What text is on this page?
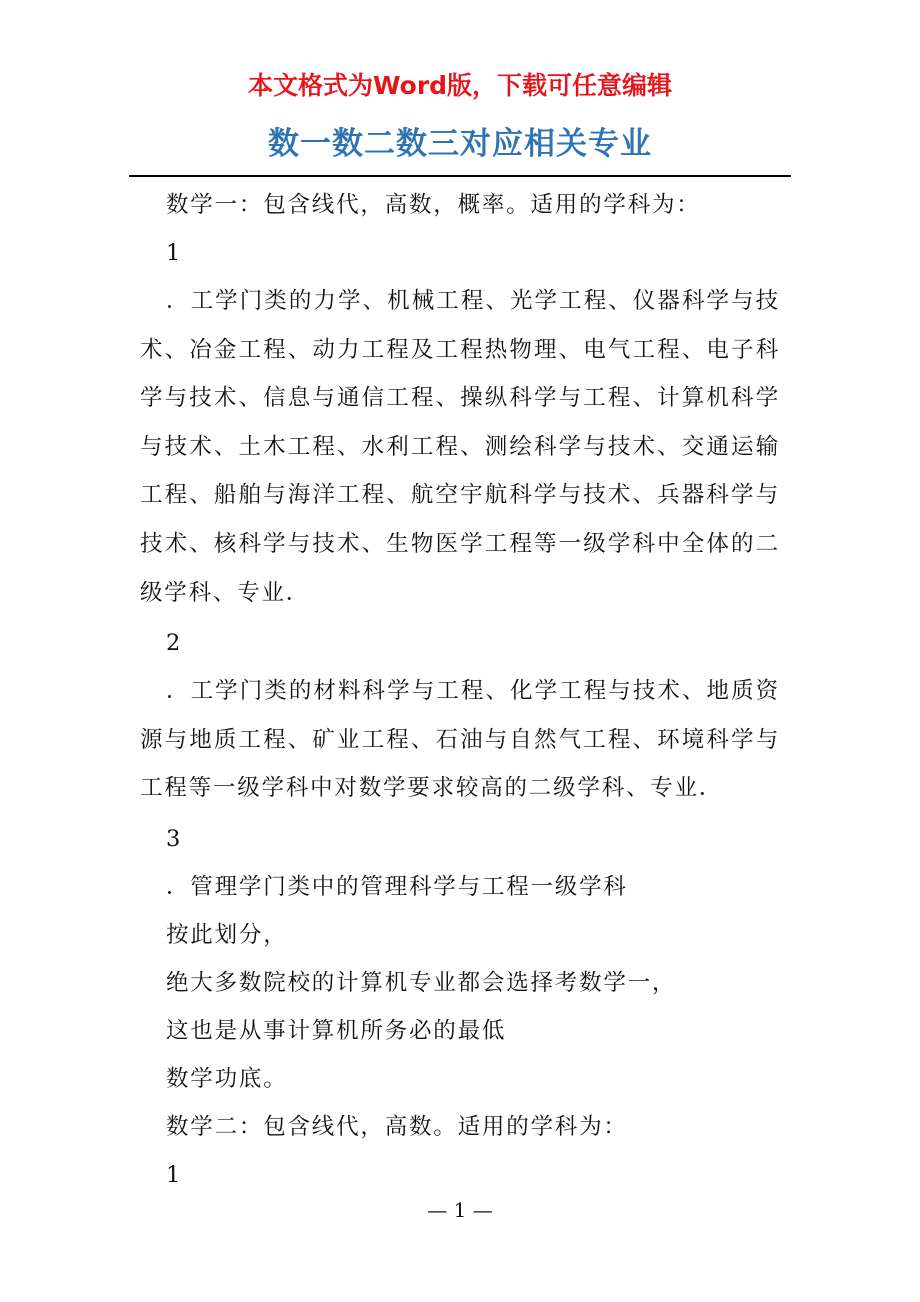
本文格式为Word版，下载可任意编辑
数一数二数三对应相关专业

数学一：包含线代，高数，概率。适用的学科为：

1

．工学门类的力学、机械工程、光学工程、仪器科学与技术、冶金工程、动力工程及工程热物理、电气工程、电子科学与技术、信息与通信工程、操纵科学与工程、计算机科学与技术、土木工程、水利工程、测绘科学与技术、交通运输工程、船舶与海洋工程、航空宇航科学与技术、兵器科学与技术、核科学与技术、生物医学工程等一级学科中全体的二级学科、专业．

2

．工学门类的材料科学与工程、化学工程与技术、地质资源与地质工程、矿业工程、石油与自然气工程、环境科学与工程等一级学科中对数学要求较高的二级学科、专业．

3

．管理学门类中的管理科学与工程一级学科

按此划分，

绝大多数院校的计算机专业都会选择考数学一，

这也是从事计算机所务必的最低

数学功底。

数学二：包含线代，高数。适用的学科为：

1

— 1 —
